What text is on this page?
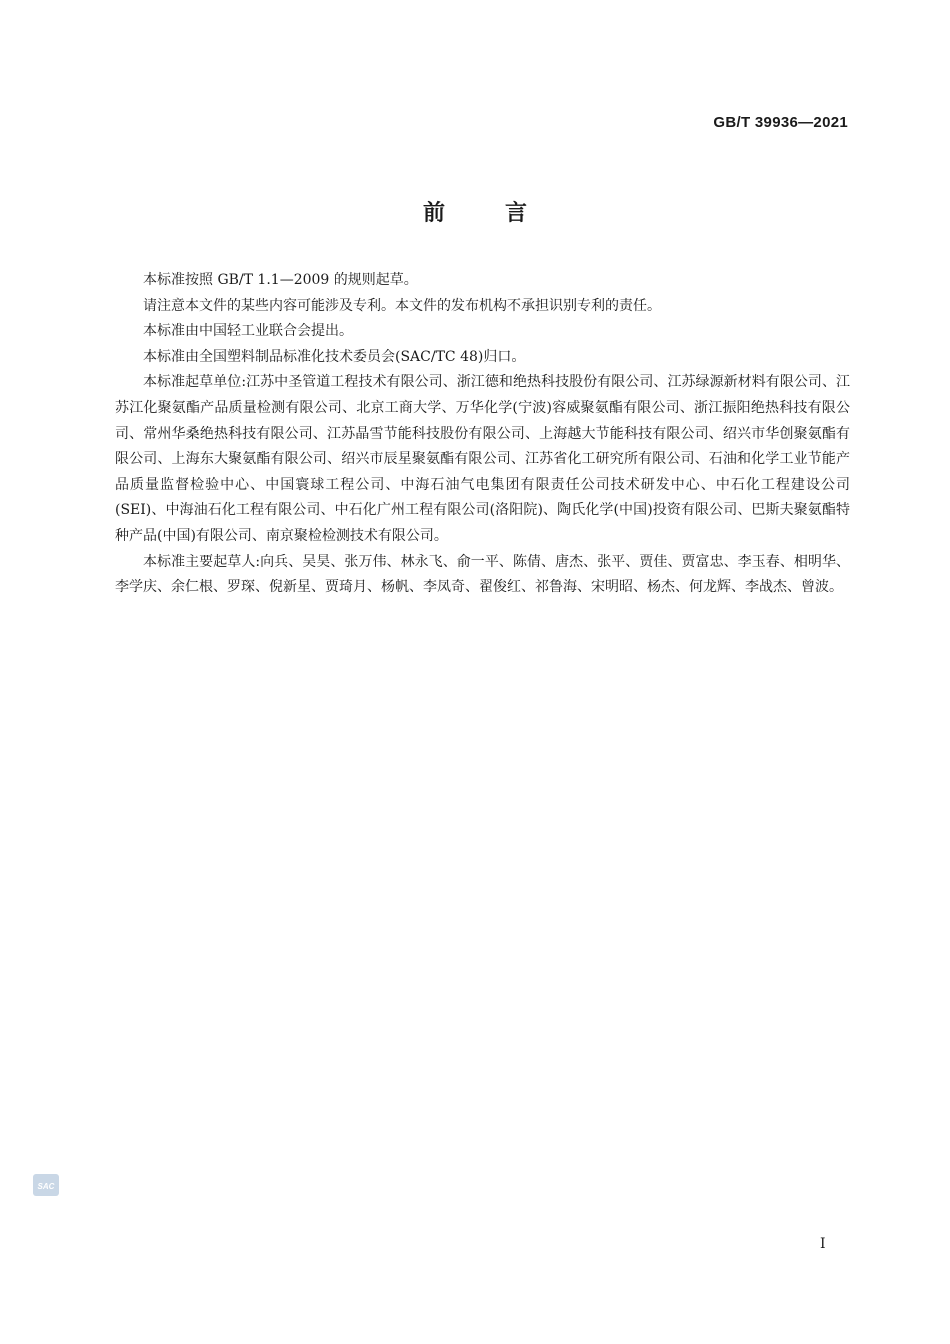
GB/T 39936—2021
前言

本标准按照 GB/T 1.1—2009 的规则起草。

请注意本文件的某些内容可能涉及专利。本文件的发布机构不承担识别专利的责任。

本标准由中国轻工业联合会提出。

本标准由全国塑料制品标准化技术委员会(SAC/TC 48)归口。

本标准起草单位:江苏中圣管道工程技术有限公司、浙江德和绝热科技股份有限公司、江苏绿源新材料有限公司、江苏江化聚氨酯产品质量检测有限公司、北京工商大学、万华化学(宁波)容威聚氨酯有限公司、浙江振阳绝热科技有限公司、常州华桑绝热科技有限公司、江苏晶雪节能科技股份有限公司、上海越大节能科技有限公司、绍兴市华创聚氨酯有限公司、上海东大聚氨酯有限公司、绍兴市辰星聚氨酯有限公司、江苏省化工研究所有限公司、石油和化学工业节能产品质量监督检验中心、中国寰球工程公司、中海石油气电集团有限责任公司技术研发中心、中石化工程建设公司(SEI)、中海油石化工程有限公司、中石化广州工程有限公司(洛阳院)、陶氏化学(中国)投资有限公司、巴斯夫聚氨酯特种产品(中国)有限公司、南京聚检检测技术有限公司。

本标准主要起草人:向兵、吴昊、张万伟、林永飞、俞一平、陈倩、唐杰、张平、贾佳、贾富忠、李玉春、相明华、李学庆、余仁根、罗琛、倪新星、贾琦月、杨帆、李凤奇、翟俊红、祁鲁海、宋明昭、杨杰、何龙辉、李战杰、曾波。

SAC
I
